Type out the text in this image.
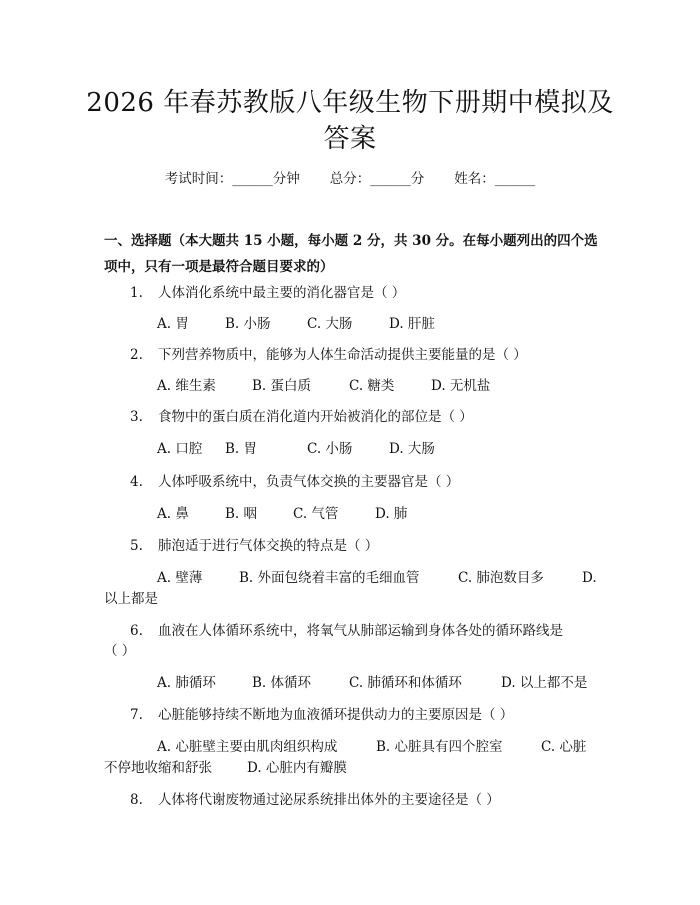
2026 年春苏教版八年级生物下册期中模拟及
答案
考试时间：______分钟 总分：______分 姓名：______
一、选择题（本大题共 15 小题，每小题 2 分，共 30 分。在每小题列出的四个选
项中，只有一项是最符合题目要求的）
1. 人体消化系统中最主要的消化器官是（ ）
A. 胃	B. 小肠	C. 大肠	D. 肝脏
2. 下列营养物质中，能够为人体生命活动提供主要能量的是（ ）
A. 维生素	B. 蛋白质	C. 糖类	D. 无机盐
3. 食物中的蛋白质在消化道内开始被消化的部位是（ ）
A. 口腔 B. 胃	C. 小肠	D. 大肠
4. 人体呼吸系统中，负责气体交换的主要器官是（ ）
A. 鼻	B. 咽	C. 气管	D. 肺
5. 肺泡适于进行气体交换的特点是（ ）
A. 壁薄	B. 外面包绕着丰富的毛细血管	C. 肺泡数目多	D.
以上都是
6. 血液在人体循环系统中，将氧气从肺部运输到身体各处的循环路线是
（ ）
A. 肺循环	B. 体循环	C. 肺循环和体循环	D. 以上都不是
7. 心脏能够持续不断地为血液循环提供动力的主要原因是（ ）
A. 心脏壁主要由肌肉组织构成	B. 心脏具有四个腔室	C. 心脏
不停地收缩和舒张	D. 心脏内有瓣膜
8. 人体将代谢废物通过泌尿系统排出体外的主要途径是（ ）
